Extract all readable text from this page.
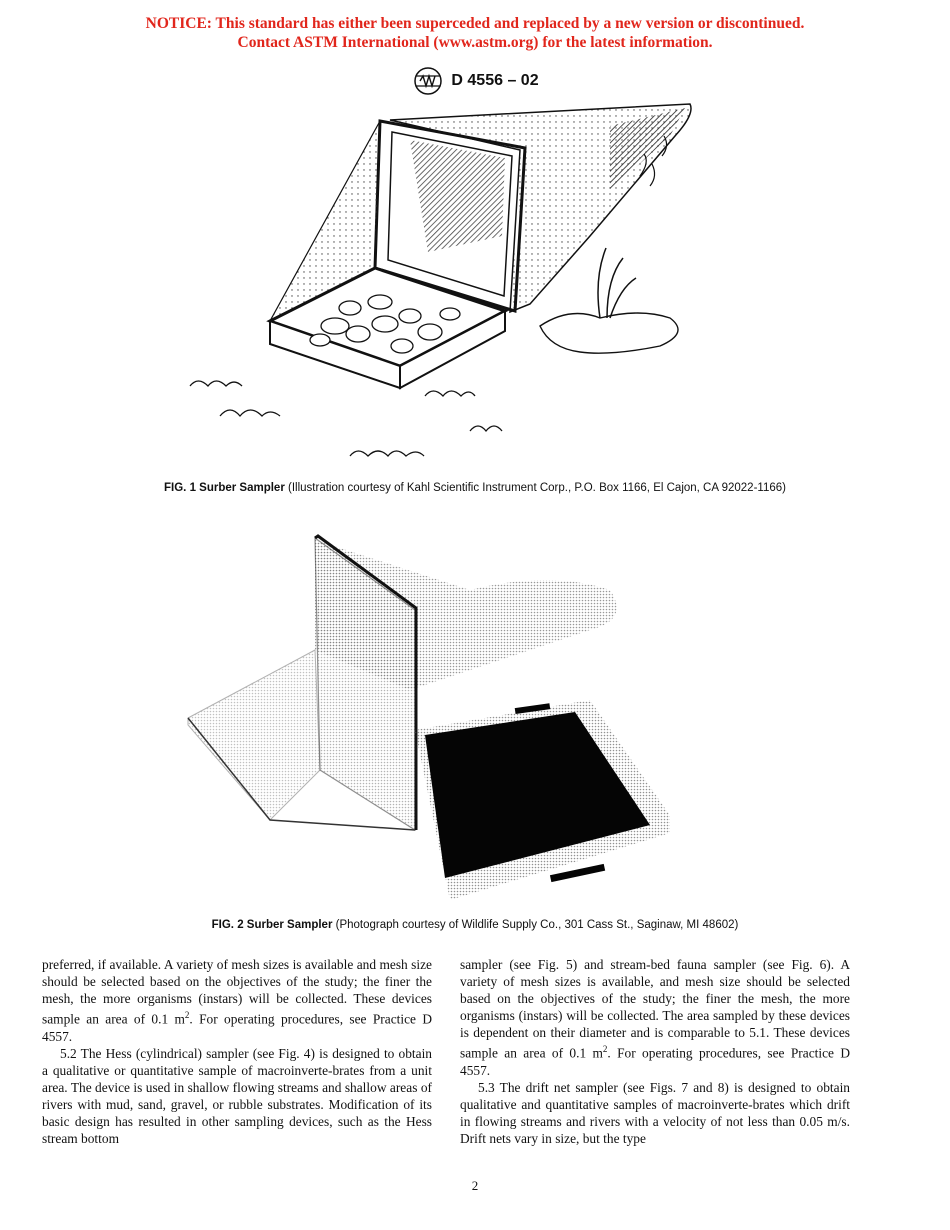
NOTICE: This standard has either been superceded and replaced by a new version or discontinued.
Contact ASTM International (www.astm.org) for the latest information.
D 4556 – 02
FIG. 1 Surber Sampler (Illustration courtesy of Kahl Scientific Instrument Corp., P.O. Box 1166, El Cajon, CA 92022-1166)
FIG. 2 Surber Sampler (Photograph courtesy of Wildlife Supply Co., 301 Cass St., Saginaw, MI 48602)

preferred, if available. A variety of mesh sizes is available and mesh size should be selected based on the objectives of the study; the finer the mesh, the more organisms (instars) will be collected. These devices sample an area of 0.1 $m^2$. For operating procedures, see Practice D 4557.

5.2 The Hess (cylindrical) sampler (see Fig. 4) is designed to obtain a qualitative or quantitative sample of macroinverte-brates from a unit area. The device is used in shallow flowing streams and shallow areas of rivers with mud, sand, gravel, or rubble substrates. Modification of its basic design has resulted in other sampling devices, such as the Hess stream bottom

sampler (see Fig. 5) and stream-bed fauna sampler (see Fig. 6). A variety of mesh sizes is available, and mesh size should be selected based on the objectives of the study; the finer the mesh, the more organisms (instars) will be collected. The area sampled by these devices is dependent on their diameter and is comparable to 5.1. These devices sample an area of 0.1 $m^2$. For operating procedures, see Practice D 4557.

5.3 The drift net sampler (see Figs. 7 and 8) is designed to obtain qualitative and quantitative samples of macroinverte-brates which drift in flowing streams and rivers with a velocity of not less than 0.05 m/s. Drift nets vary in size, but the type

2
